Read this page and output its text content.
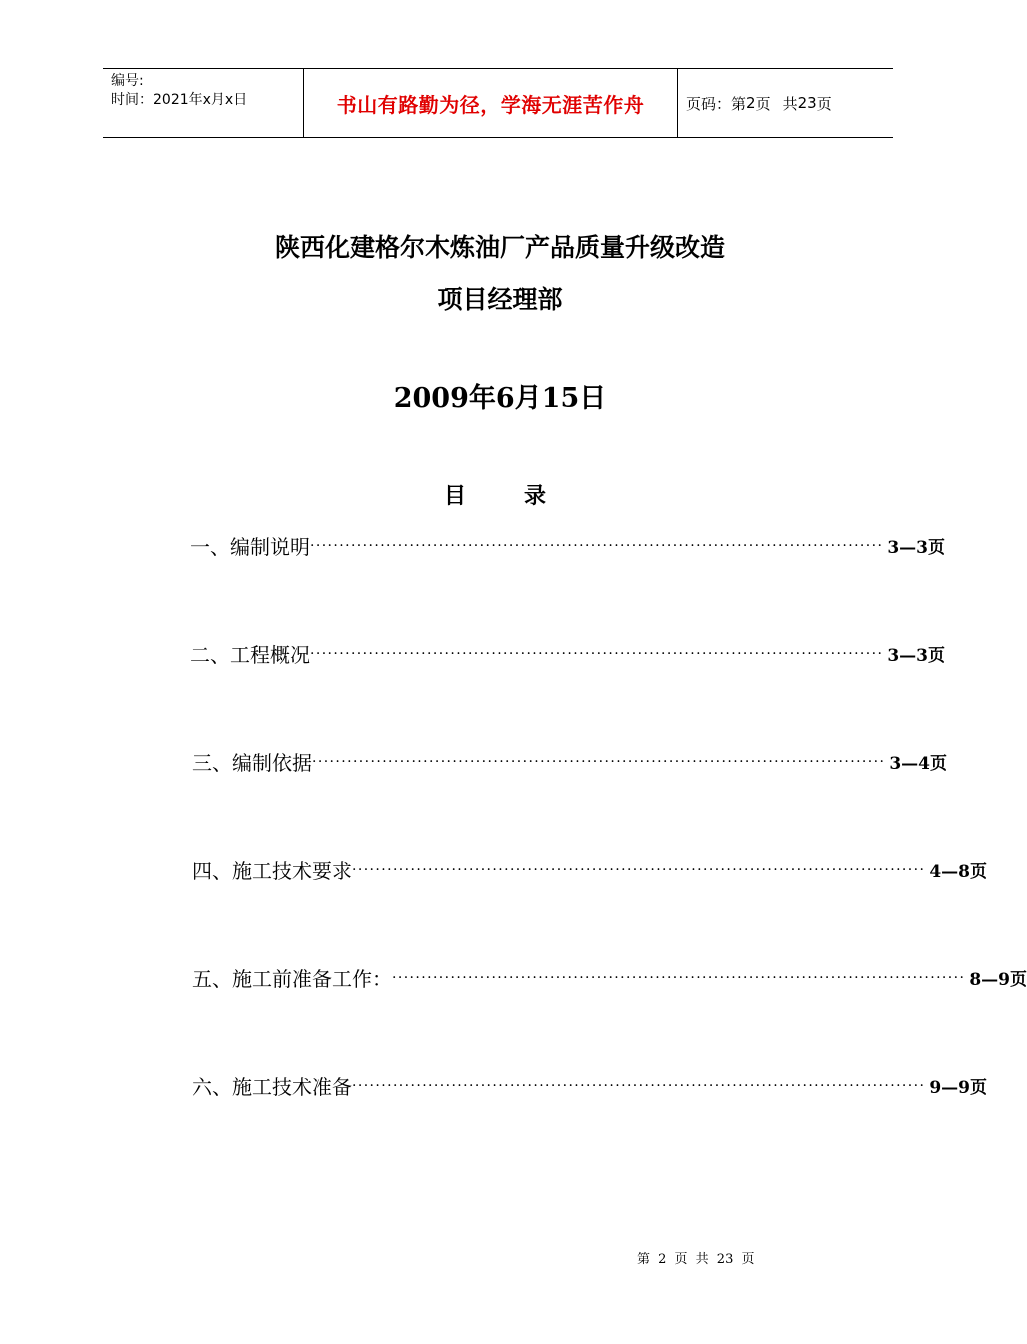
编号:
时间：2021年x月x日	书山有路勤为径，学海无涯苦作舟	页码：第 2 页 共 23 页
陕西化建格尔木炼油厂产品质量升级改造
项目经理部
2009年6月15日
目	录
一、 编制说明 ·································································································· 3—3页
二、 工程概况 ·································································································· 3—3页
三、 编制依据 ·································································································· 3—4页
四、 施工技术要求 ·································································································· 4—8页
五、 施工前准备工作： ·································································································· 8—9页
六、 施工技术准备 ·································································································· 9—9页
第 2 页 共 23 页
